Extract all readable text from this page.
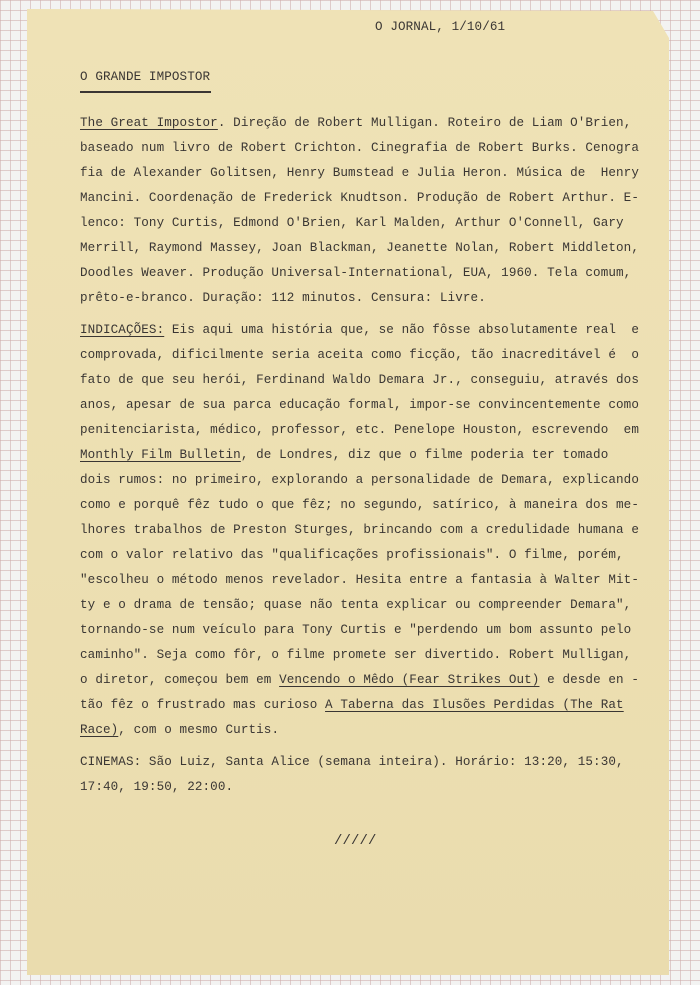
O JORNAL, 1/10/61
O GRANDE IMPOSTOR
The Great Impostor. Direção de Robert Mulligan. Roteiro de Liam O'Brien,
baseado num livro de Robert Crichton. Cinegrafia de Robert Burks. Cenogra
fia de Alexander Golitsen, Henry Bumstead e Julia Heron. Música de  Henry
Mancini. Coordenação de Frederick Knudtson. Produção de Robert Arthur. E-
lenco: Tony Curtis, Edmond O'Brien, Karl Malden, Arthur O'Connell, Gary
Merrill, Raymond Massey, Joan Blackman, Jeanette Nolan, Robert Middleton,
Doodles Weaver. Produção Universal-International, EUA, 1960. Tela comum,
prêto-e-branco. Duração: 112 minutos. Censura: Livre.
INDICAÇÕES: Eis aqui uma história que, se não fôsse absolutamente real  e
comprovada, dificilmente seria aceita como ficção, tão inacreditável é  o
fato de que seu herói, Ferdinand Waldo Demara Jr., conseguiu, através dos
anos, apesar de sua parca educação formal, impor-se convincentemente como
penitenciarista, médico, professor, etc. Penelope Houston, escrevendo  em
Monthly Film Bulletin, de Londres, diz que o filme poderia ter tomado
dois rumos: no primeiro, explorando a personalidade de Demara, explicando
como e porquê fêz tudo o que fêz; no segundo, satírico, à maneira dos me-
lhores trabalhos de Preston Sturges, brincando com a credulidade humana e
com o valor relativo das "qualificações profissionais". O filme, porém,
"escolheu o método menos revelador. Hesita entre a fantasia à Walter Mit-
ty e o drama de tensão; quase não tenta explicar ou compreender Demara",
tornando-se num veículo para Tony Curtis e "perdendo um bom assunto pelo
caminho". Seja como fôr, o filme promete ser divertido. Robert Mulligan,
o diretor, começou bem em Vencendo o Mêdo (Fear Strikes Out) e desde en -
tão fêz o frustrado mas curioso A Taberna das Ilusões Perdidas (The Rat
Race), com o mesmo Curtis.
CINEMAS: São Luiz, Santa Alice (semana inteira). Horário: 13:20, 15:30,
17:40, 19:50, 22:00.
/////
